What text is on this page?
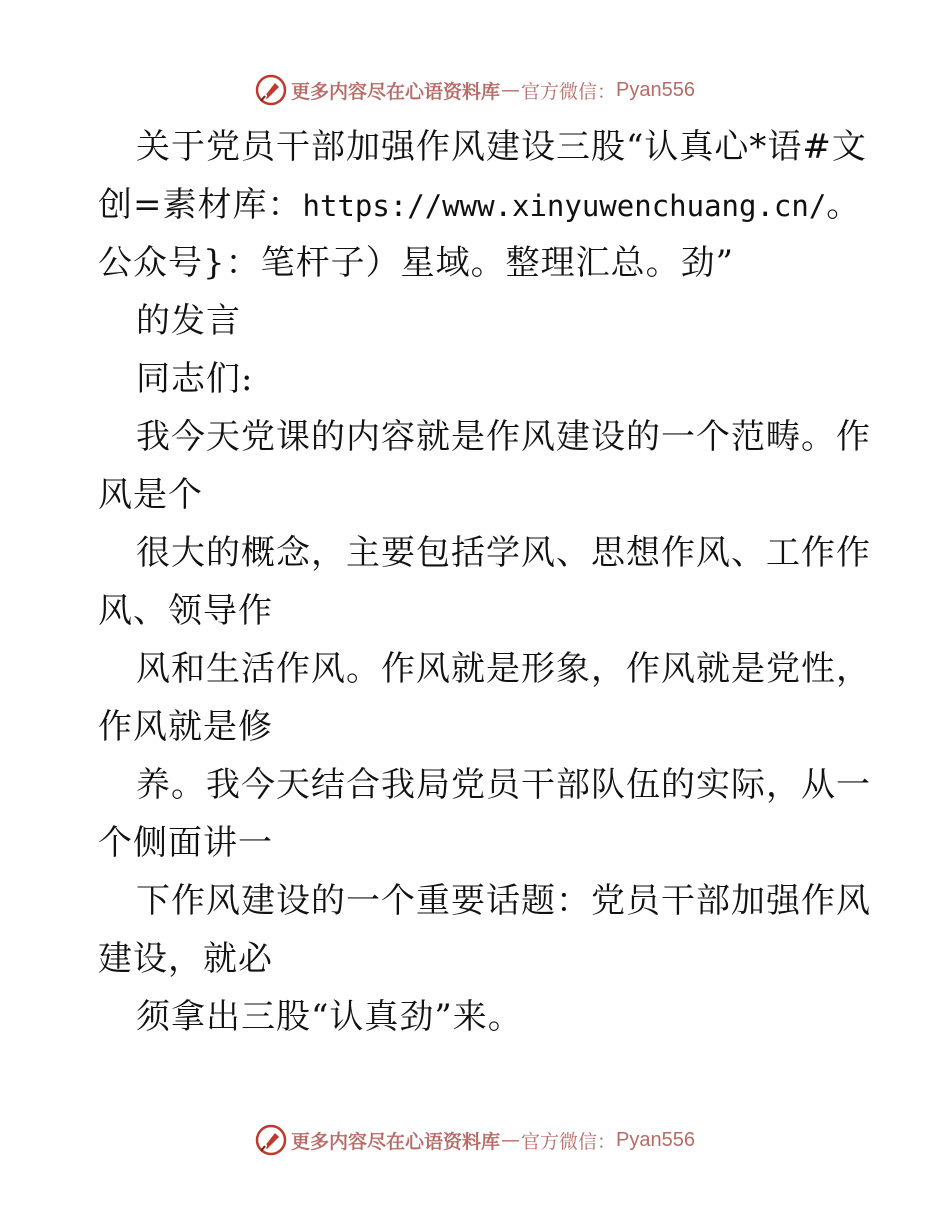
更多内容尽在心语资料库 — 官方微信： Pyan556
关于党员干部加强作风建设三股“认真心*语#文
创=素材库：https://www.xinyuwenchuang.cn/。
公众号}：笔杆子）星域。整理汇总。劲”
的发言
同志们:
我今天党课的内容就是作风建设的一个范畴。作
风是个
很大的概念，主要包括学风、思想作风、工作作
风、领导作
风和生活作风。作风就是形象，作风就是党性，
作风就是修
养。我今天结合我局党员干部队伍的实际，从一
个侧面讲一
下作风建设的一个重要话题：党员干部加强作风
建设，就必
须拿出三股“认真劲”来。
更多内容尽在心语资料库 — 官方微信： Pyan556
